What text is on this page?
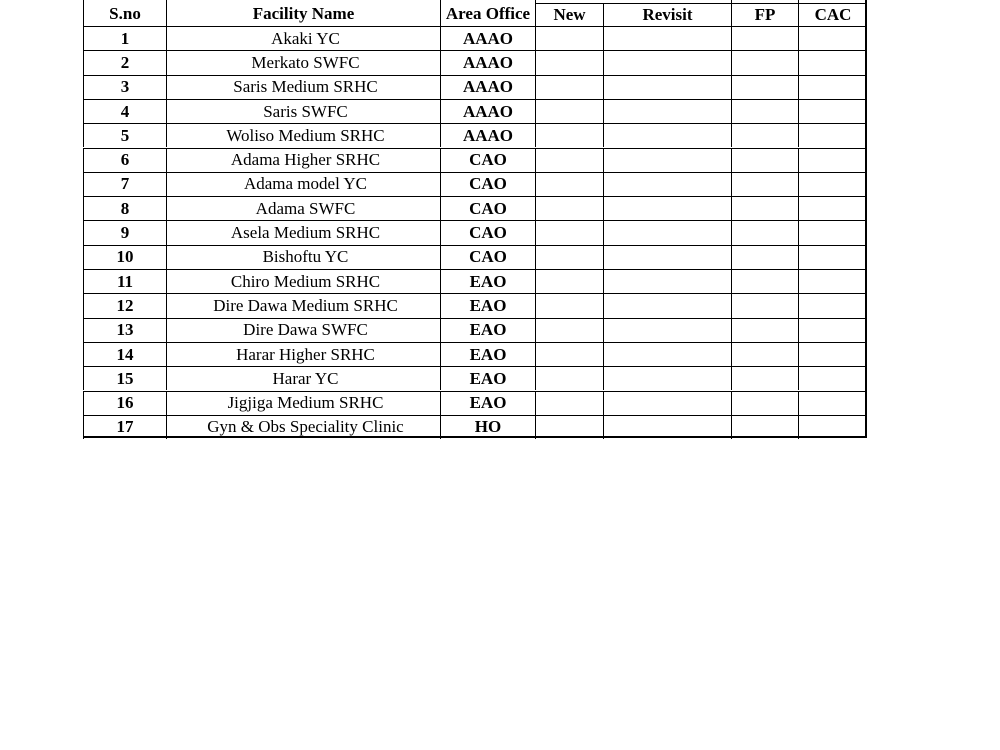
S.no	Facility Name	Area Office	New	Revisit	FP	CAC
1	Akaki YC	AAAO
2	Merkato SWFC	AAAO
3	Saris Medium SRHC	AAAO
4	Saris SWFC	AAAO
5	Woliso Medium SRHC	AAAO
6	Adama Higher SRHC	CAO
7	Adama model YC	CAO
8	Adama SWFC	CAO
9	Asela Medium SRHC	CAO
10	Bishoftu YC	CAO
11	Chiro Medium SRHC	EAO
12	Dire Dawa Medium SRHC	EAO
13	Dire Dawa SWFC	EAO
14	Harar Higher SRHC	EAO
15	Harar YC	EAO
16	Jigjiga Medium SRHC	EAO
17	Gyn & Obs Speciality Clinic	HO
